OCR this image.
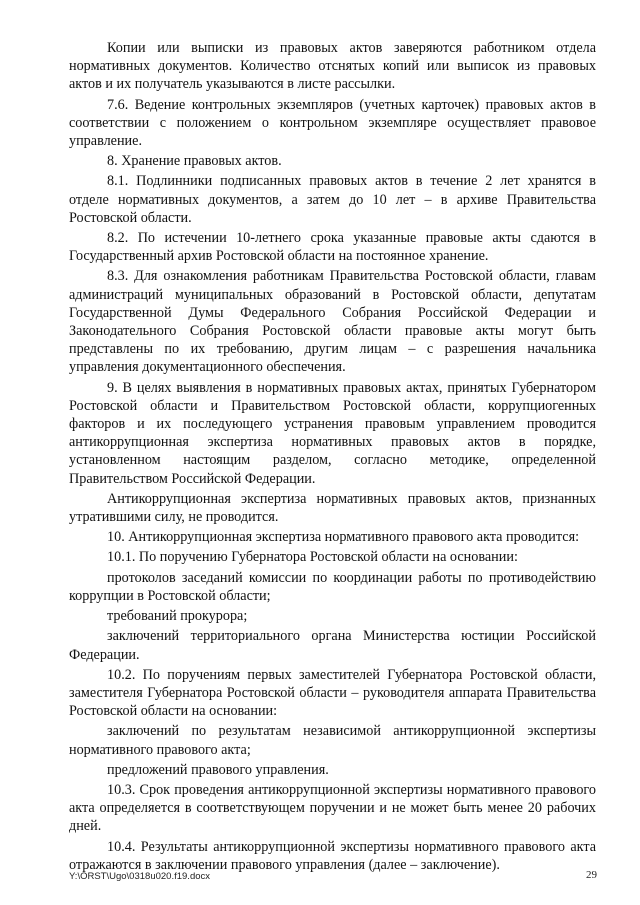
Копии или выписки из правовых актов заверяются работником отдела нормативных документов. Количество отснятых копий или выписок из правовых актов и их получатель указываются в листе рассылки.

7.6. Ведение контрольных экземпляров (учетных карточек) правовых актов в соответствии с положением о контрольном экземпляре осуществляет правовое управление.

8. Хранение правовых актов.

8.1. Подлинники подписанных правовых актов в течение 2 лет хранятся в отделе нормативных документов, а затем до 10 лет – в архиве Правительства Ростовской области.

8.2. По истечении 10-летнего срока указанные правовые акты сдаются в Государственный архив Ростовской области на постоянное хранение.

8.3. Для ознакомления работникам Правительства Ростовской области, главам администраций муниципальных образований в Ростовской области, депутатам Государственной Думы Федерального Собрания Российской Федерации и Законодательного Собрания Ростовской области правовые акты могут быть представлены по их требованию, другим лицам – с разрешения начальника управления документационного обеспечения.

9. В целях выявления в нормативных правовых актах, принятых Губернатором Ростовской области и Правительством Ростовской области, коррупциогенных факторов и их последующего устранения правовым управлением проводится антикоррупционная экспертиза нормативных правовых актов в порядке, установленном настоящим разделом, согласно методике, определенной Правительством Российской Федерации.

Антикоррупционная экспертиза нормативных правовых актов, признанных утратившими силу, не проводится.

10. Антикоррупционная экспертиза нормативного правового акта проводится:

10.1. По поручению Губернатора Ростовской области на основании:

протоколов заседаний комиссии по координации работы по противодействию коррупции в Ростовской области;

требований прокурора;

заключений территориального органа Министерства юстиции Российской Федерации.

10.2. По поручениям первых заместителей Губернатора Ростовской области, заместителя Губернатора Ростовской области – руководителя аппарата Правительства Ростовской области на основании:

заключений по результатам независимой антикоррупционной экспертизы нормативного правового акта;

предложений правового управления.

10.3. Срок проведения антикоррупционной экспертизы нормативного правового акта определяется в соответствующем поручении и не может быть менее 20 рабочих дней.

10.4. Результаты антикоррупционной экспертизы нормативного правового акта отражаются в заключении правового управления (далее – заключение).

Y:\ORST\Ugo\0318u020.f19.docx	29
